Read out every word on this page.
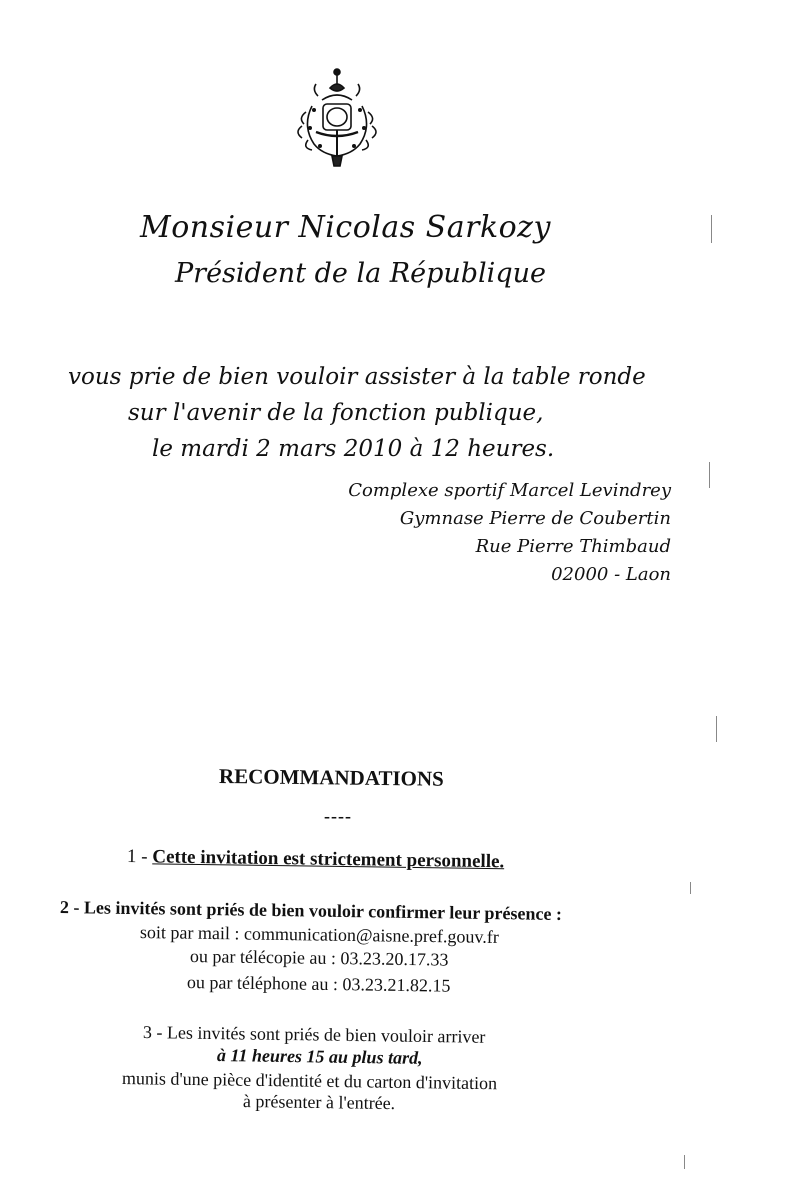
Monsieur Nicolas Sarkozy
Président de la République
vous prie de bien vouloir assister à la table ronde
sur l'avenir de la fonction publique,
le mardi 2 mars 2010 à 12 heures.
Complexe sportif Marcel Levindrey
Gymnase Pierre de Coubertin
Rue Pierre Thimbaud
02000 - Laon
RECOMMANDATIONS
----
1 - Cette invitation est strictement personnelle.
2 - Les invités sont priés de bien vouloir confirmer leur présence :
soit par mail : communication@aisne.pref.gouv.fr
ou par télécopie au : 03.23.20.17.33
ou par téléphone au : 03.23.21.82.15
3 - Les invités sont priés de bien vouloir arriver
à 11 heures 15 au plus tard,
munis d'une pièce d'identité et du carton d'invitation
à présenter à l'entrée.
